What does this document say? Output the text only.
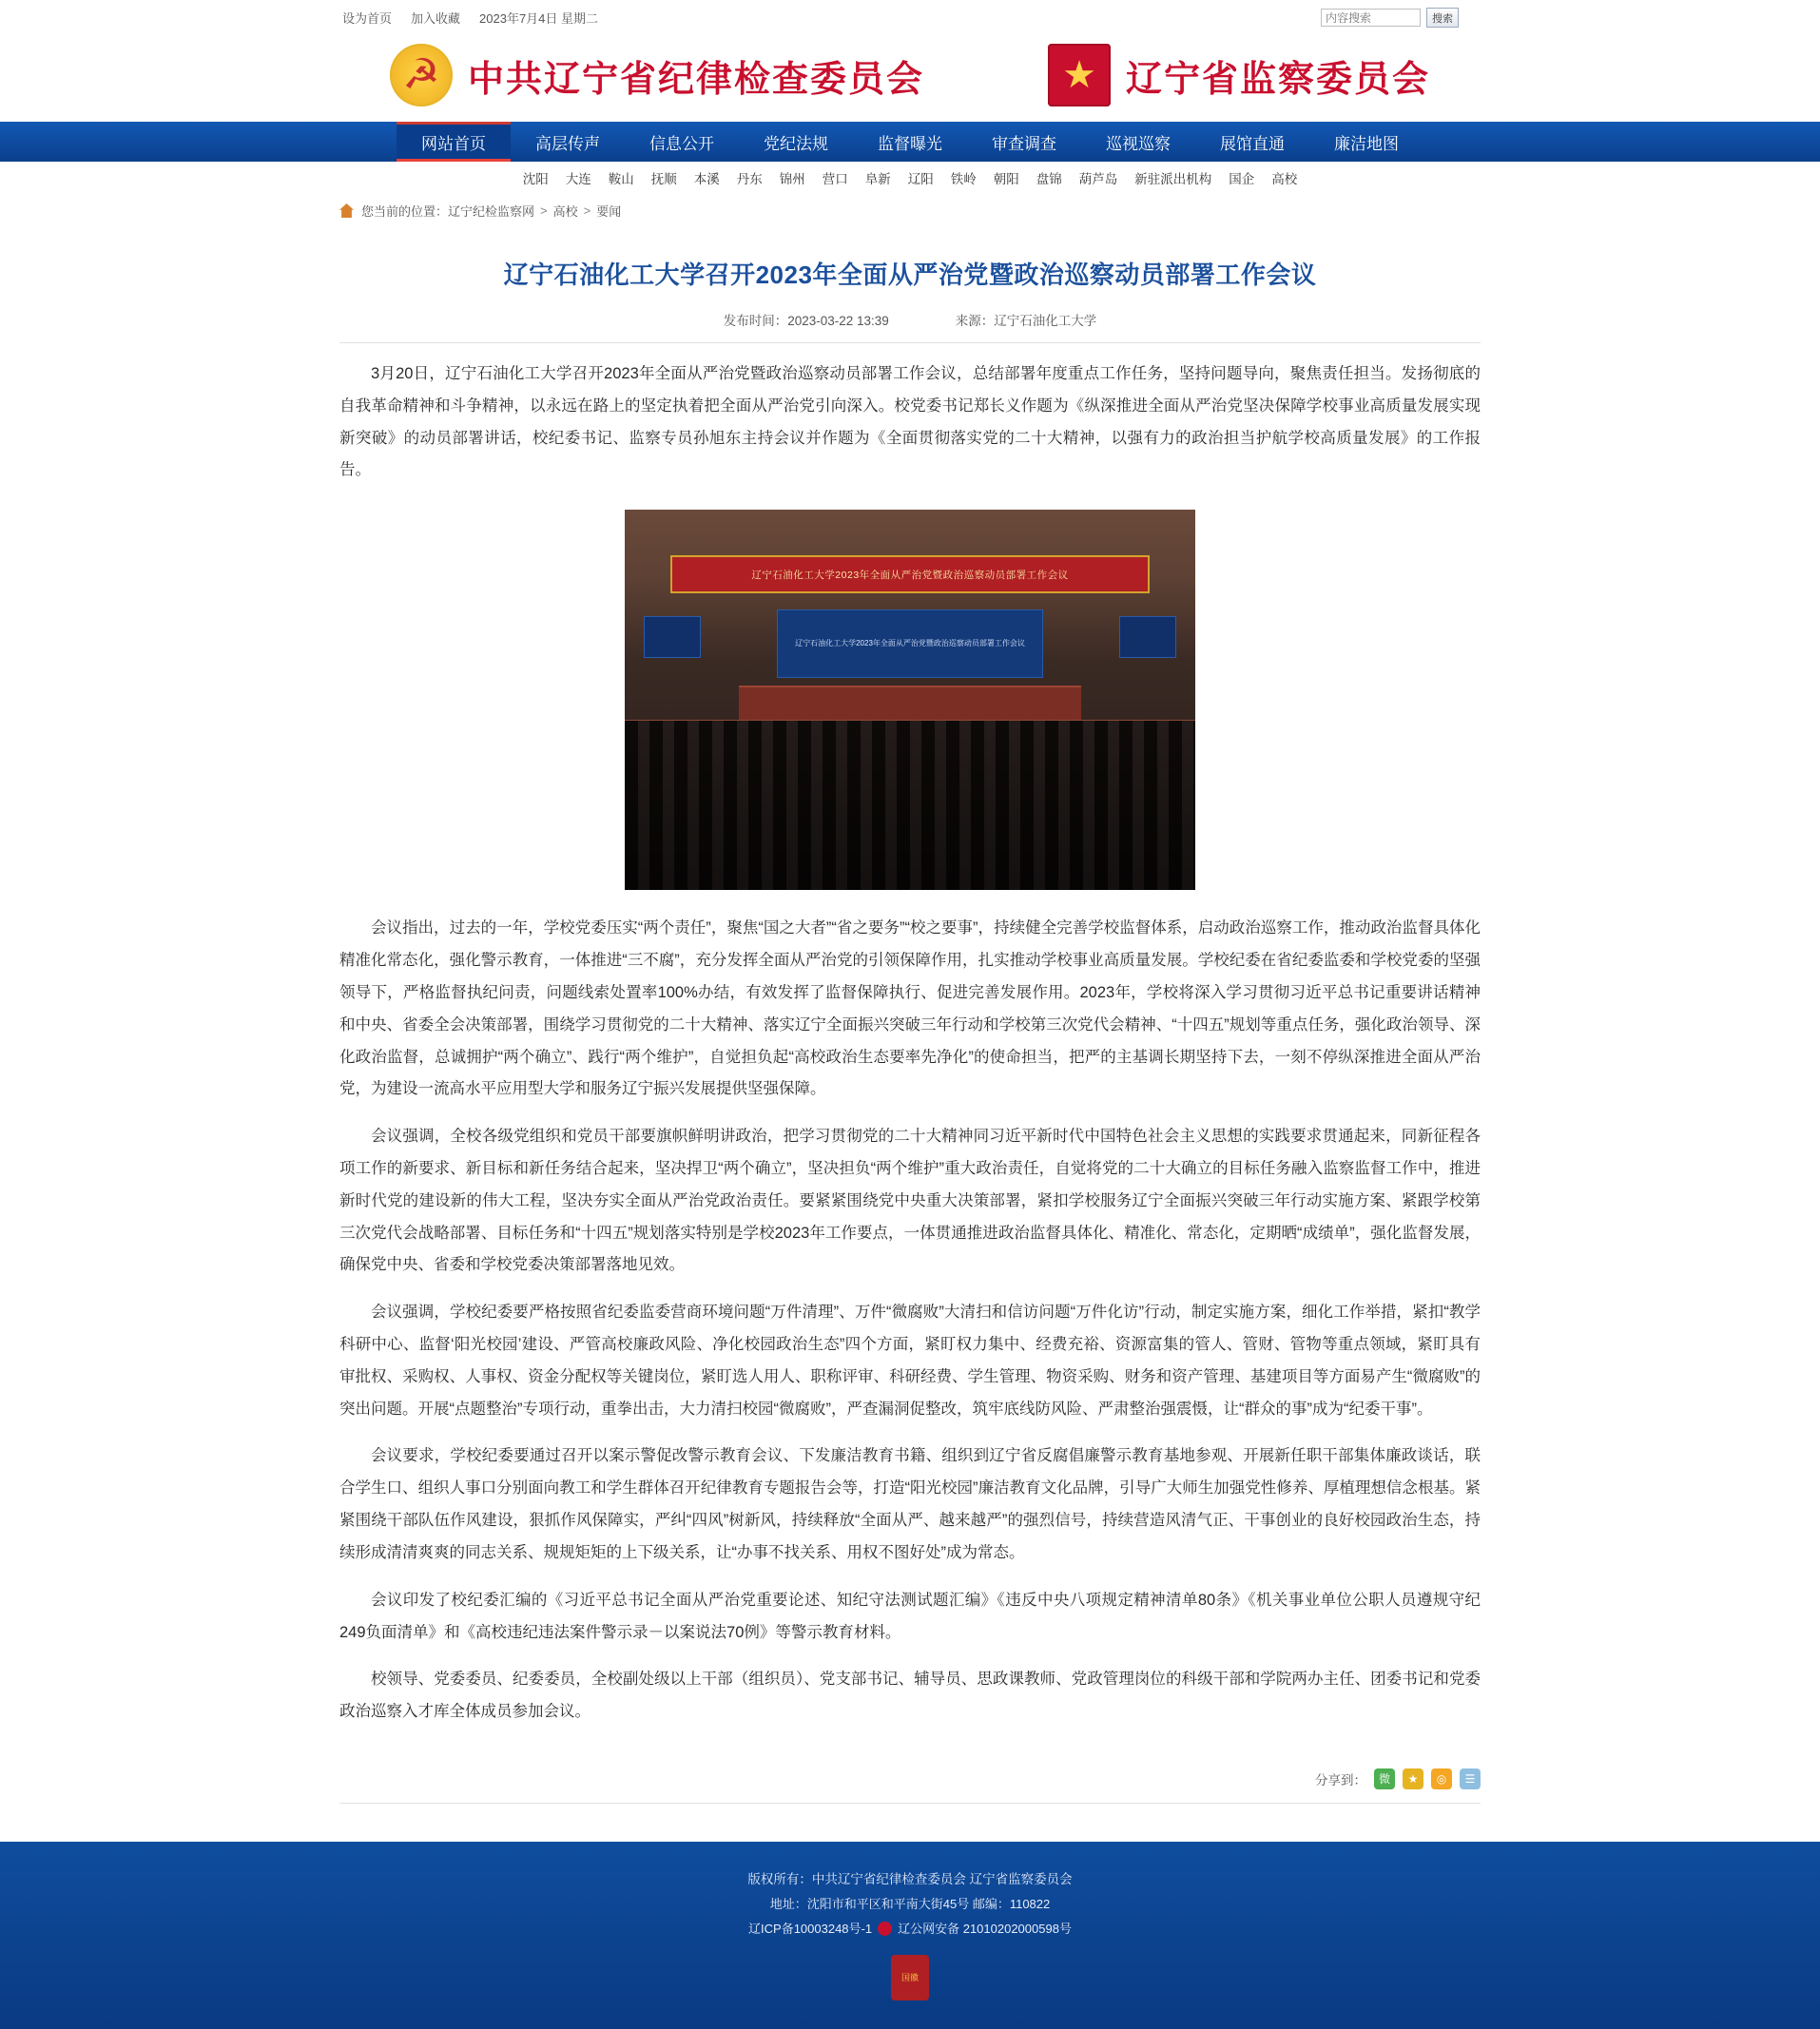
设为首页 加入收藏 2023年7月4日 星期二
内容搜索	搜索
☭
中共辽宁省纪律检查委员会 ★	辽宁省监察委员会
网站首页	高层传声	信息公开	党纪法规	监督曝光	审查调查	巡视巡察	展馆直通	廉洁地图
沈阳 大连 鞍山 抚顺 本溪 丹东 锦州 营口 阜新 辽阳 铁岭 朝阳 盘锦 葫芦岛 新驻派出机构 国企 高校
您当前的位置： 辽宁纪检监察网 > 高校 > 要闻
辽宁石油化工大学召开2023年全面从严治党暨政治巡察动员部署工作会议
发布时间：2023-03-22 13:39	来源：辽宁石油化工大学

3月20日，辽宁石油化工大学召开2023年全面从严治党暨政治巡察动员部署工作会议，总结部署年度重点工作任务，坚持问题导向，聚焦责任担当。发扬彻底的自我革命精神和斗争精神，以永远在路上的坚定执着把全面从严治党引向深入。校党委书记郑长义作题为《纵深推进全面从严治党坚决保障学校事业高质量发展实现新突破》的动员部署讲话，校纪委书记、监察专员孙旭东主持会议并作题为《全面贯彻落实党的二十大精神，以强有力的政治担当护航学校高质量发展》的工作报告。

辽宁石油化工大学2023年全面从严治党暨政治巡察动员部署工作会议
辽宁石油化工大学2023年全面从严治党暨政治巡察动员部署工作会议

会议指出，过去的一年，学校党委压实“两个责任”，聚焦“国之大者”“省之要务”“校之要事”，持续健全完善学校监督体系，启动政治巡察工作，推动政治监督具体化精准化常态化，强化警示教育，一体推进“三不腐”，充分发挥全面从严治党的引领保障作用，扎实推动学校事业高质量发展。学校纪委在省纪委监委和学校党委的坚强领导下，严格监督执纪问责，问题线索处置率100%办结，有效发挥了监督保障执行、促进完善发展作用。2023年，学校将深入学习贯彻习近平总书记重要讲话精神和中央、省委全会决策部署，围绕学习贯彻党的二十大精神、落实辽宁全面振兴突破三年行动和学校第三次党代会精神、“十四五”规划等重点任务，强化政治领导、深化政治监督，总诚拥护“两个确立”、践行“两个维护”，自觉担负起“高校政治生态要率先净化”的使命担当，把严的主基调长期坚持下去，一刻不停纵深推进全面从严治党，为建设一流高水平应用型大学和服务辽宁振兴发展提供坚强保障。

会议强调，全校各级党组织和党员干部要旗帜鲜明讲政治，把学习贯彻党的二十大精神同习近平新时代中国特色社会主义思想的实践要求贯通起来，同新征程各项工作的新要求、新目标和新任务结合起来，坚决捍卫“两个确立”，坚决担负“两个维护”重大政治责任，自觉将党的二十大确立的目标任务融入监察监督工作中，推进新时代党的建设新的伟大工程，坚决夯实全面从严治党政治责任。要紧紧围绕党中央重大决策部署，紧扣学校服务辽宁全面振兴突破三年行动实施方案、紧跟学校第三次党代会战略部署、目标任务和“十四五”规划落实特别是学校2023年工作要点，一体贯通推进政治监督具体化、精准化、常态化，定期晒“成绩单”，强化监督发展，确保党中央、省委和学校党委决策部署落地见效。

会议强调，学校纪委要严格按照省纪委监委营商环境问题“万件清理”、万件“微腐败”大清扫和信访问题“万件化访”行动，制定实施方案，细化工作举措，紧扣“教学科研中心、监督‘阳光校园’建设、严管高校廉政风险、净化校园政治生态”四个方面，紧盯权力集中、经费充裕、资源富集的管人、管财、管物等重点领域，紧盯具有审批权、采购权、人事权、资金分配权等关键岗位，紧盯选人用人、职称评审、科研经费、学生管理、物资采购、财务和资产管理、基建项目等方面易产生“微腐败”的突出问题。开展“点题整治”专项行动，重拳出击，大力清扫校园“微腐败”，严查漏洞促整改，筑牢底线防风险、严肃整治强震慑，让“群众的事”成为“纪委干事”。

会议要求，学校纪委要通过召开以案示警促改警示教育会议、下发廉洁教育书籍、组织到辽宁省反腐倡廉警示教育基地参观、开展新任职干部集体廉政谈话，联合学生口、组织人事口分别面向教工和学生群体召开纪律教育专题报告会等，打造“阳光校园”廉洁教育文化品牌，引导广大师生加强党性修养、厚植理想信念根基。紧紧围绕干部队伍作风建设，狠抓作风保障实，严纠“四风”树新风，持续释放“全面从严、越来越严”的强烈信号，持续营造风清气正、干事创业的良好校园政治生态，持续形成清清爽爽的同志关系、规规矩矩的上下级关系，让“办事不找关系、用权不图好处”成为常态。

会议印发了校纪委汇编的《习近平总书记全面从严治党重要论述、知纪守法测试题汇编》《违反中央八项规定精神清单80条》《机关事业单位公职人员遵规守纪249负面清单》和《高校违纪违法案件警示录－以案说法70例》等警示教育材料。

校领导、党委委员、纪委委员，全校副处级以上干部（组织员）、党支部书记、辅导员、思政课教师、党政管理岗位的科级干部和学院两办主任、团委书记和党委政治巡察入才库全体成员参加会议。

分享到：	微	★	◎	☰
版权所有：中共辽宁省纪律检查委员会 辽宁省监察委员会
地址：沈阳市和平区和平南大街45号 邮编：110822
辽ICP备10003248号-1 辽公网安备 21010202000598号
国徽
